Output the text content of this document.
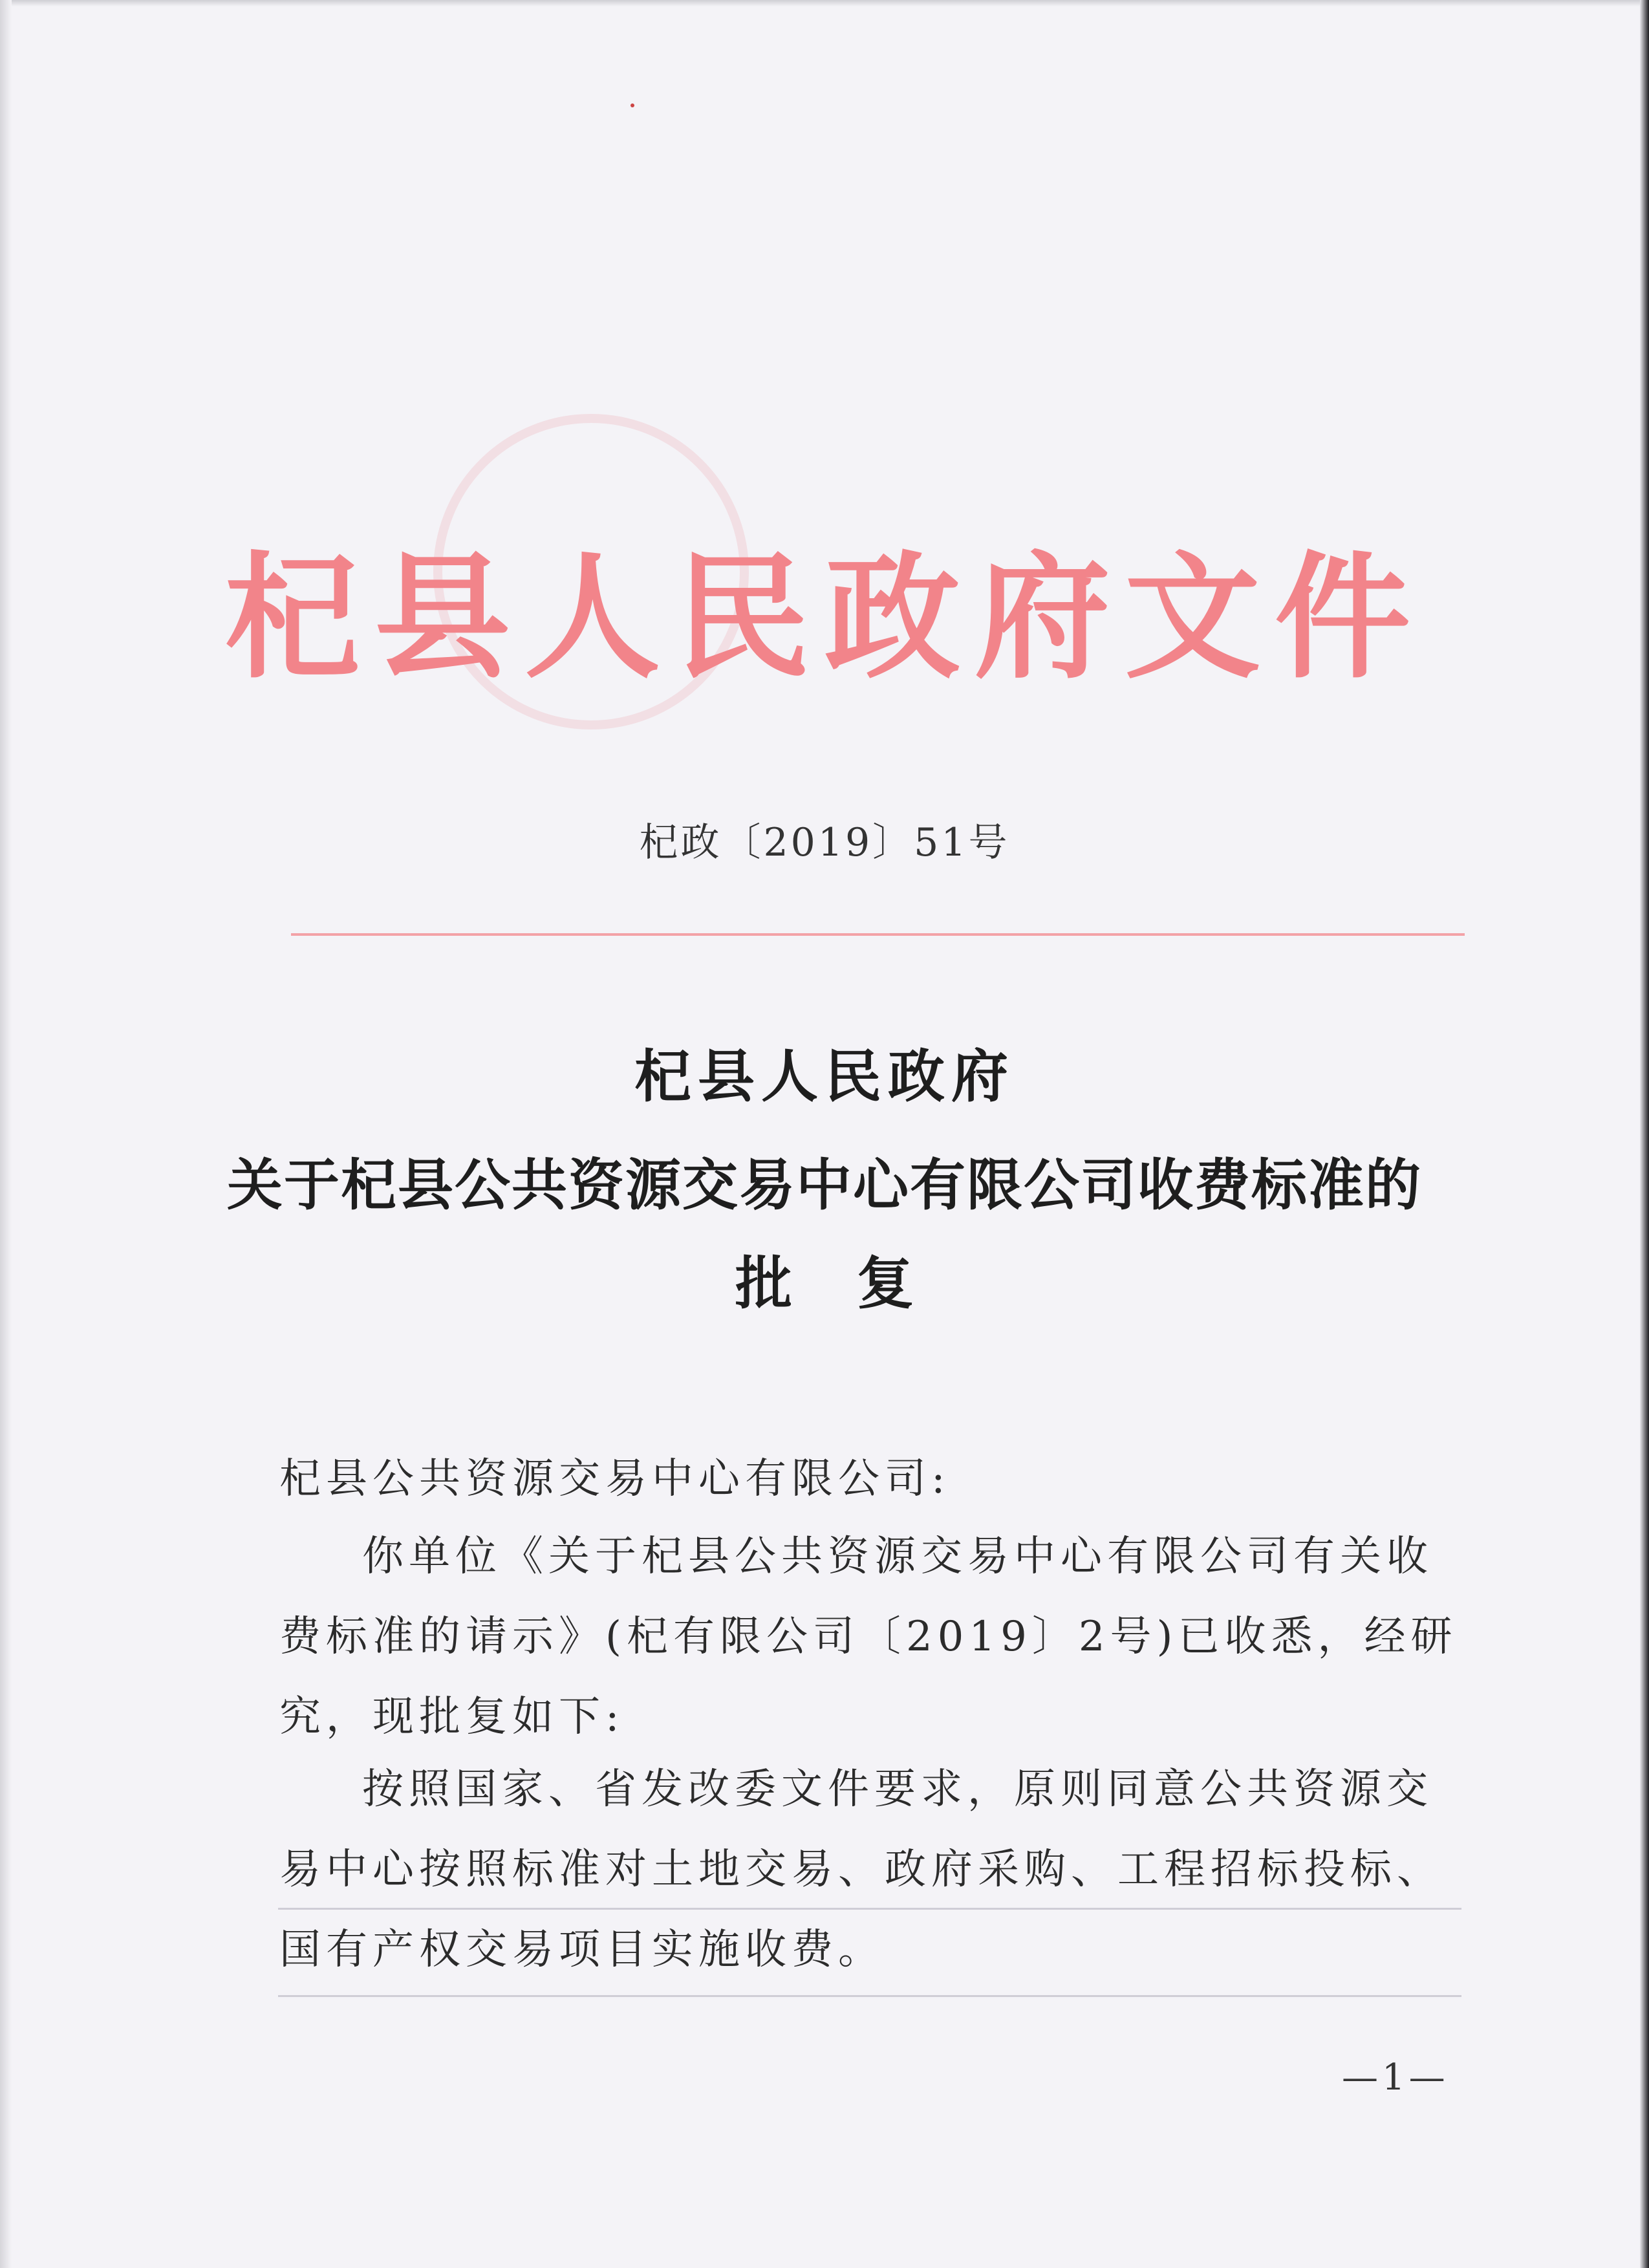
杞县人民政府文件
杞政〔2019〕51号
杞县人民政府
关于杞县公共资源交易中心有限公司收费标准的
批复
杞县公共资源交易中心有限公司:
你单位《关于杞县公共资源交易中心有限公司有关收费标准的请示》(杞有限公司〔2019〕2号)已收悉，经研究，现批复如下:
按照国家、省发改委文件要求，原则同意公共资源交易中心按照标准对土地交易、政府采购、工程招标投标、国有产权交易项目实施收费。
—1—
